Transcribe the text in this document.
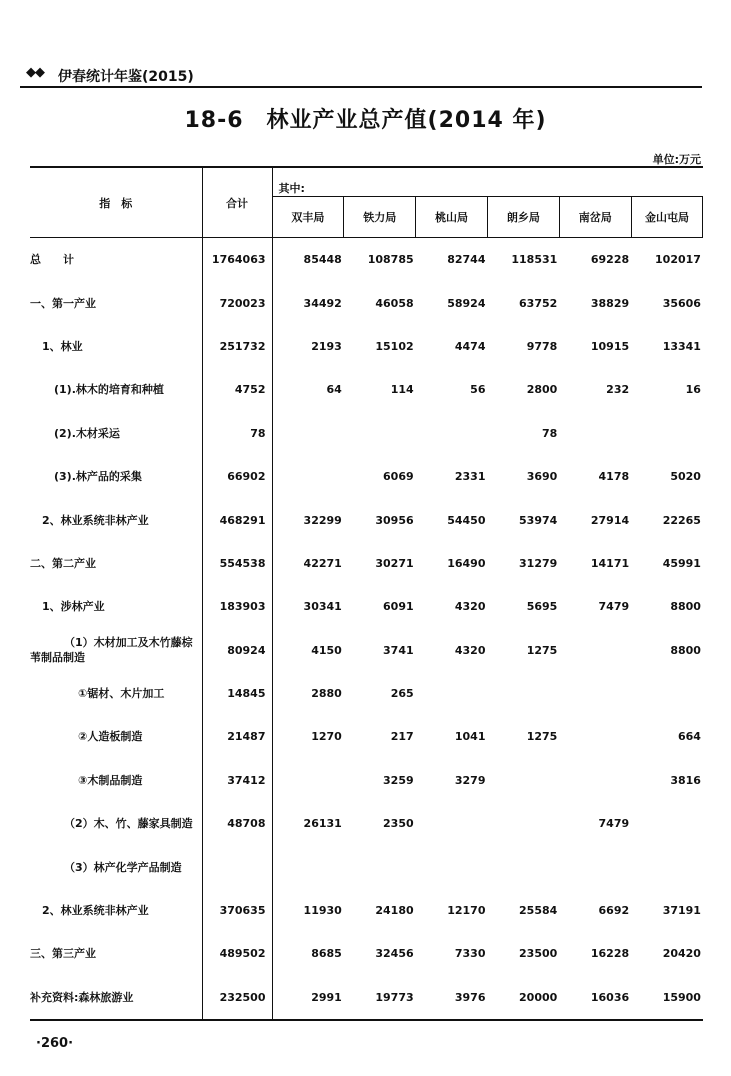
◆◆ 伊春统计年鉴(2015)
18-6　林业产业总产值(2014 年)
单位:万元
指　标	合计	其中:					
		双丰局	铁力局	桃山局	朗乡局	南岔局	金山屯局
总　　计	1764063	85448	108785	82744	118531	69228	102017
一、第一产业	720023	34492	46058	58924	63752	38829	35606
1、林业	251732	2193	15102	4474	9778	10915	13341
(1).林木的培育和种植	4752	64	114	56	2800	232	16
(2).木材采运	78				78		
(3).林产品的采集	66902		6069	2331	3690	4178	5020
2、林业系统非林产业	468291	32299	30956	54450	53974	27914	22265
二、第二产业	554538	42271	30271	16490	31279	14171	45991
1、涉林产业	183903	30341	6091	4320	5695	7479	8800
（1）木材加工及木竹藤棕苇制品制造	80924	4150	3741	4320	1275		8800
①锯材、木片加工	14845	2880	265				
②人造板制造	21487	1270	217	1041	1275		664
③木制品制造	37412		3259	3279			3816
（2）木、竹、藤家具制造	48708	26131	2350			7479	
（3）林产化学产品制造							
2、林业系统非林产业	370635	11930	24180	12170	25584	6692	37191
三、第三产业	489502	8685	32456	7330	23500	16228	20420
补充资料:森林旅游业	232500	2991	19773	3976	20000	16036	15900
·260·
